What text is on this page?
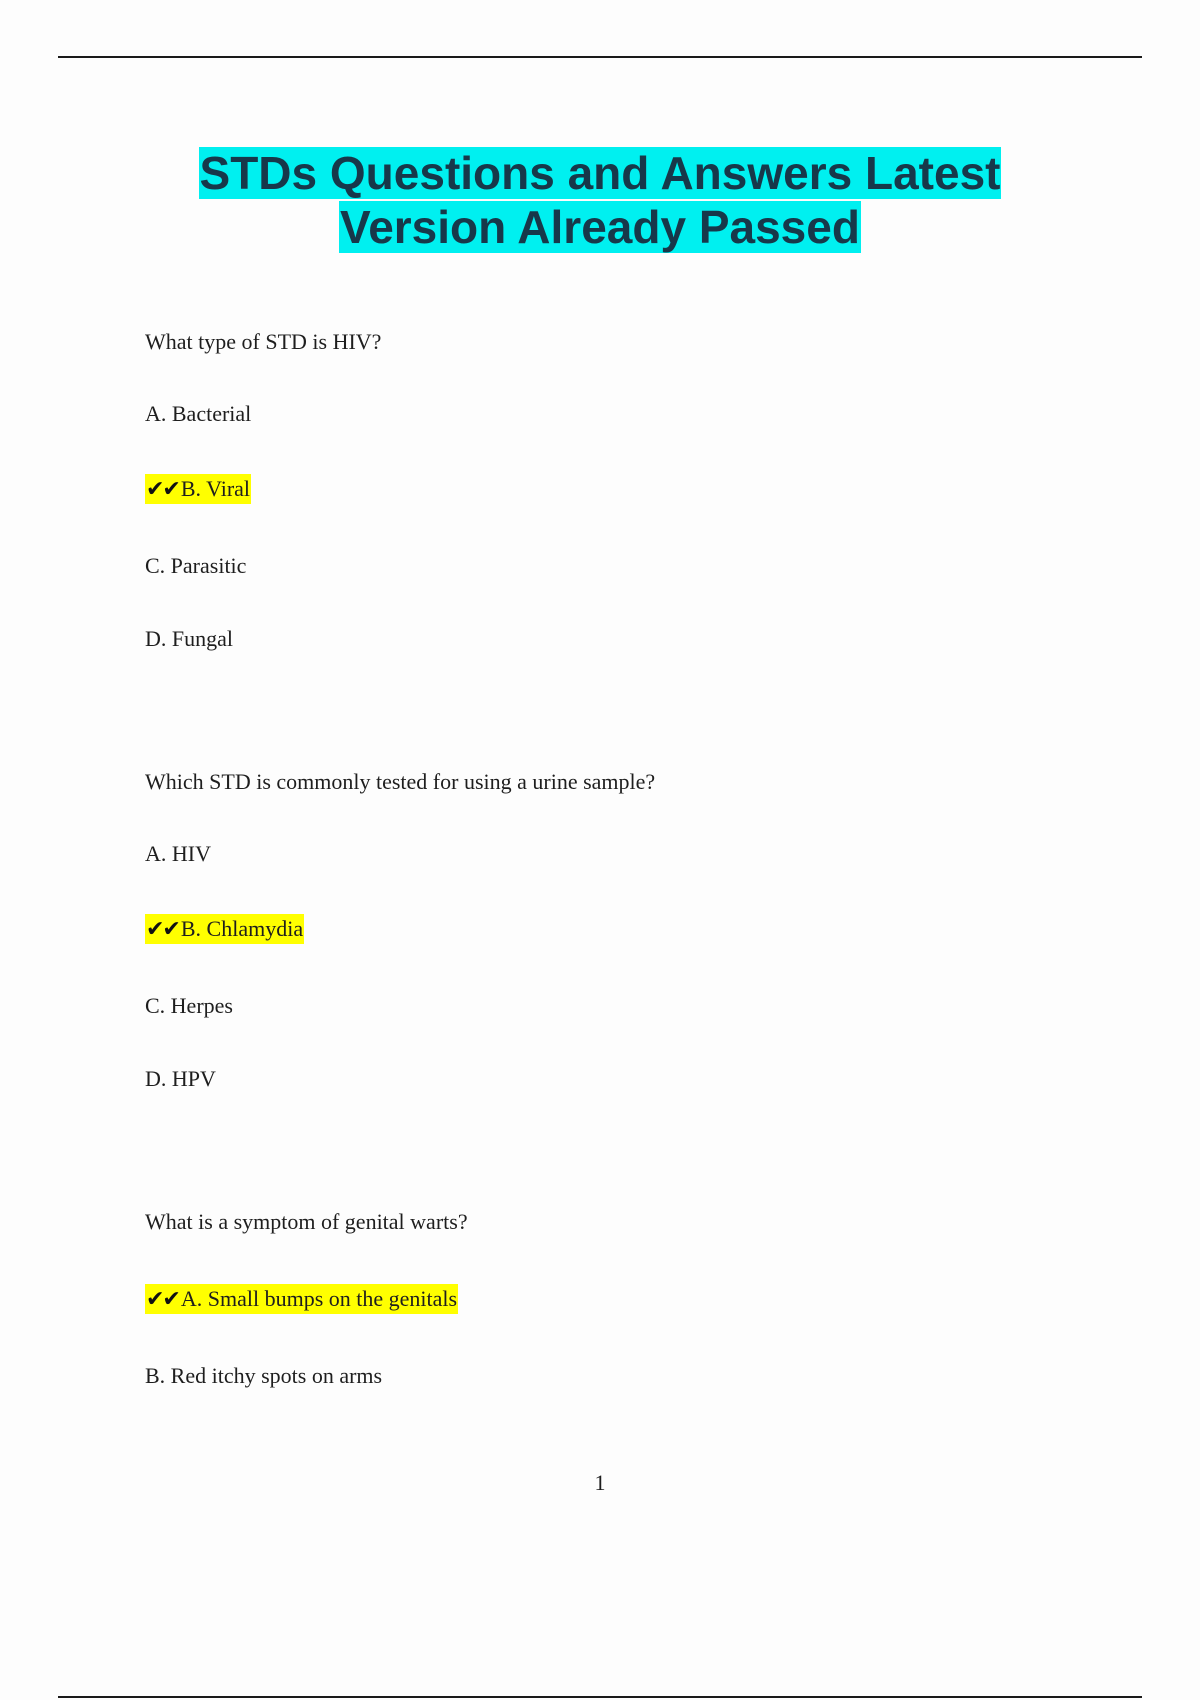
STDs Questions and Answers Latest
Version Already Passed
What type of STD is HIV?
A. Bacterial
✔✔B. Viral
C. Parasitic
D. Fungal
Which STD is commonly tested for using a urine sample?
A. HIV
✔✔B. Chlamydia
C. Herpes
D. HPV
What is a symptom of genital warts?
✔✔A. Small bumps on the genitals
B. Red itchy spots on arms
1
